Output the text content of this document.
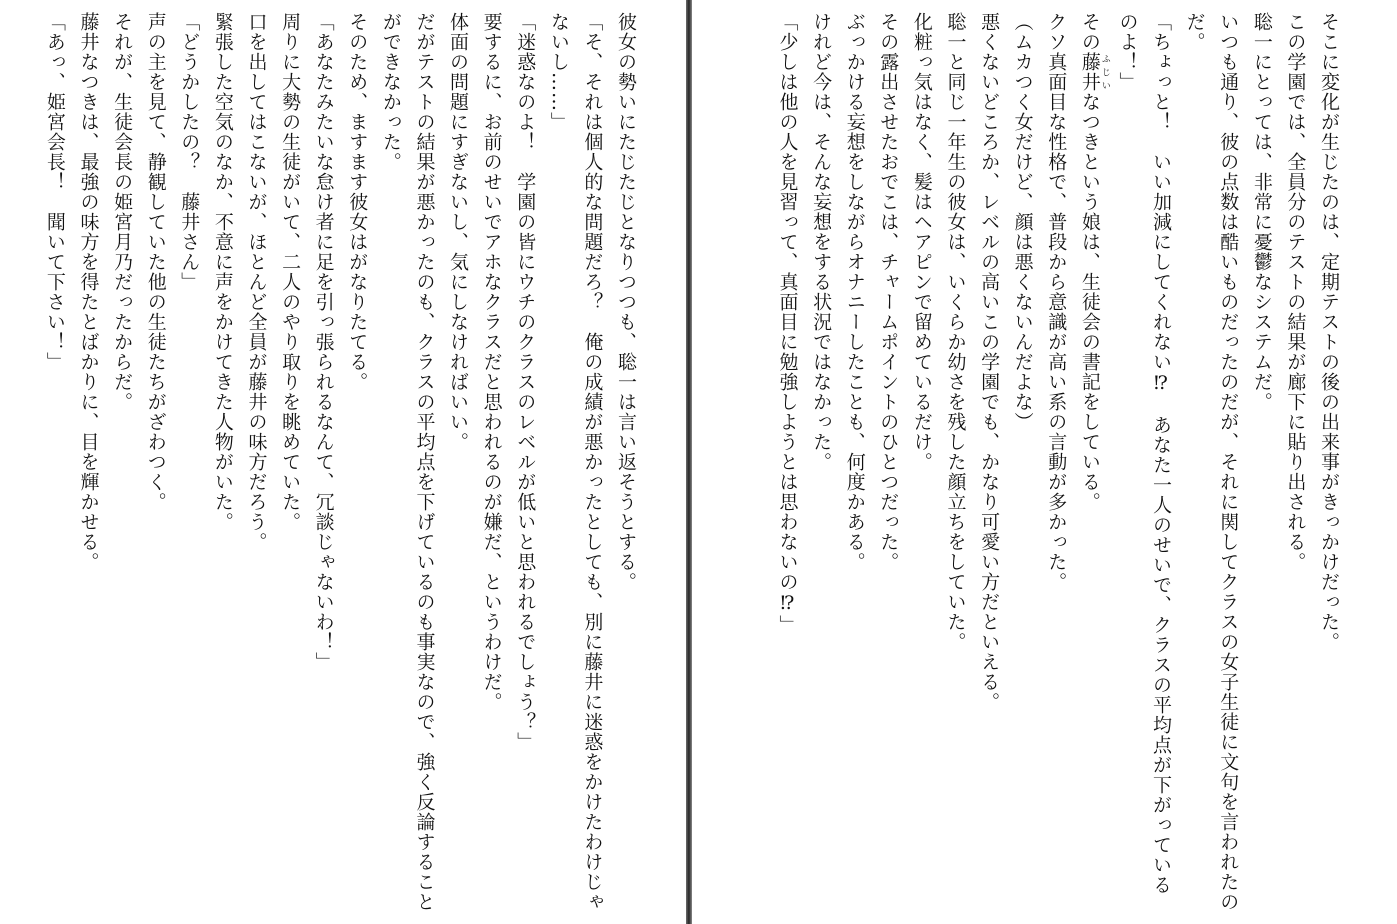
彼女の勢いにたじたじとなりつつも、聡一は言い返そうとする。

「そ、それは個人的な問題だろ？　俺の成績が悪かったとしても、別に藤井に迷惑をかけたわけじゃないし……」

「迷惑なのよ！　学園の皆にウチのクラスのレベルが低いと思われるでしょう？」

要するに、お前のせいでアホなクラスだと思われるのが嫌だ、というわけだ。

体面の問題にすぎないし、気にしなければいい。

だがテストの結果が悪かったのも、クラスの平均点を下げているのも事実なので、強く反論することができなかった。

そのため、ますます彼女はがなりたてる。

「あなたみたいな怠け者に足を引っ張られるなんて、冗談じゃないわ！」

周りに大勢の生徒がいて、二人のやり取りを眺めていた。

口を出してはこないが、ほとんど全員が藤井の味方だろう。

緊張した空気のなか、不意に声をかけてきた人物がいた。

「どうかしたの？　藤井さん」

声の主を見て、静観していた他の生徒たちがざわつく。

それが、生徒会長の姫宮月乃だったからだ。

藤井なつきは、最強の味方を得たとばかりに、目を輝かせる。

「あっ、姫宮会長！　聞いて下さい！」	そこに変化が生じたのは、定期テストの後の出来事がきっかけだった。

この学園では、全員分のテストの結果が廊下に貼り出される。

聡一にとっては、非常に憂鬱なシステムだ。

いつも通り、彼の点数は酷いものだったのだが、それに関してクラスの女子生徒に文句を言われたのだ。

「ちょっと！　いい加減にしてくれない⁉　あなた一人のせいで、クラスの平均点が下がっているのよ！」

その藤井 ふじいなつきという娘は、生徒会の書記をしている。

クソ真面目な性格で、普段から意識が高い系の言動が多かった。

（ムカつく女だけど、顔は悪くないんだよな）

悪くないどころか、レベルの高いこの学園でも、かなり可愛い方だといえる。

聡一と同じ一年生の彼女は、いくらか幼さを残した顔立ちをしていた。

化粧っ気はなく、髪はヘアピンで留めているだけ。

その露出させたおでこは、チャームポイントのひとつだった。

ぶっかける妄想をしながらオナニーしたことも、何度かある。

けれど今は、そんな妄想をする状況ではなかった。

「少しは他の人を見習って、真面目に勉強しようとは思わないの⁉」
